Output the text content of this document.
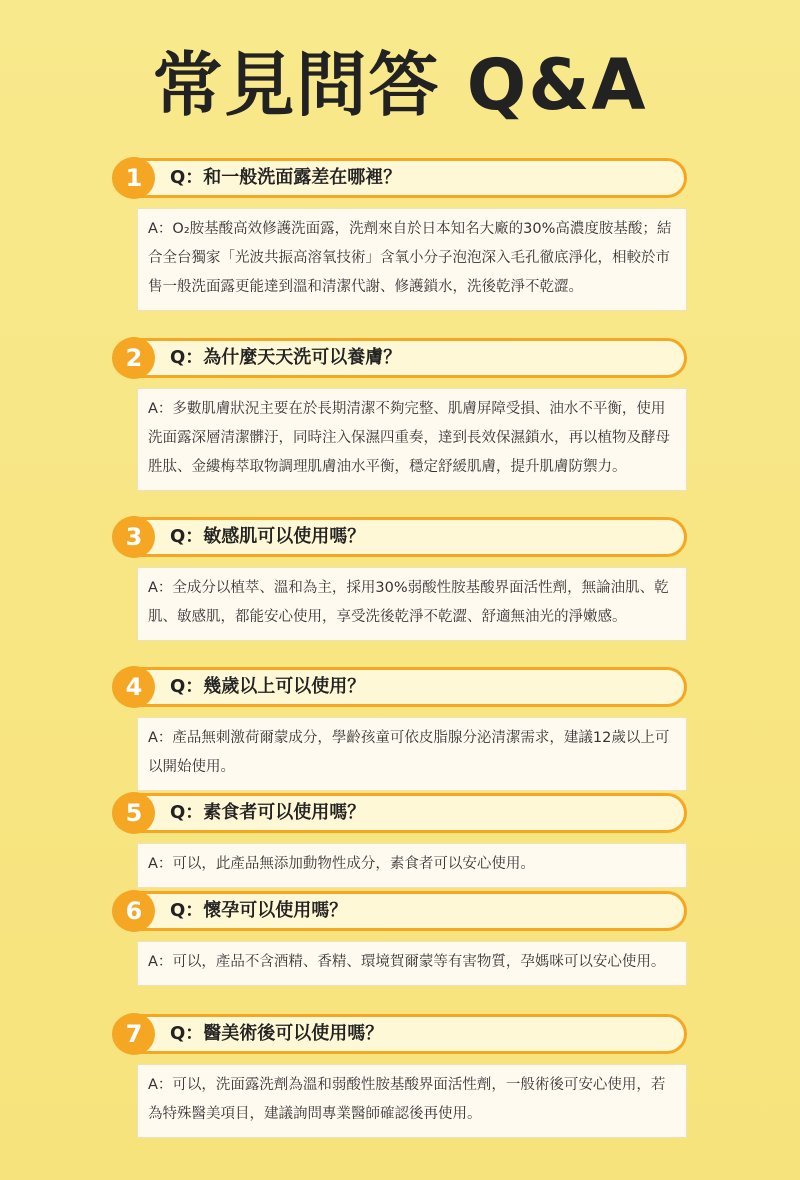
常見問答 Q&A
1	Q：和一般洗面露差在哪裡？
A：O₂胺基酸高效修護洗面露，洗劑來自於日本知名大廠的30%高濃度胺基酸；結合全台獨家「光波共振高溶氧技術」含氧小分子泡泡深入毛孔徹底淨化，相較於市售一般洗面露更能達到溫和清潔代謝、修護鎖水，洗後乾淨不乾澀。
2	Q：為什麼天天洗可以養膚？
A：多數肌膚狀況主要在於長期清潔不夠完整、肌膚屏障受損、油水不平衡，使用洗面露深層清潔髒汙，同時注入保濕四重奏，達到長效保濕鎖水，再以植物及酵母胜肽、金縷梅萃取物調理肌膚油水平衡，穩定舒緩肌膚，提升肌膚防禦力。
3	Q：敏感肌可以使用嗎？
A：全成分以植萃、溫和為主，採用30%弱酸性胺基酸界面活性劑，無論油肌、乾肌、敏感肌，都能安心使用，享受洗後乾淨不乾澀、舒適無油光的淨嫩感。
4	Q：幾歲以上可以使用？
A：產品無刺激荷爾蒙成分，學齡孩童可依皮脂腺分泌清潔需求，建議12歲以上可以開始使用。
5	Q：素食者可以使用嗎？
A：可以，此產品無添加動物性成分，素食者可以安心使用。
6	Q：懷孕可以使用嗎？
A：可以，產品不含酒精、香精、環境賀爾蒙等有害物質，孕媽咪可以安心使用。
7	Q：醫美術後可以使用嗎？
A：可以，洗面露洗劑為溫和弱酸性胺基酸界面活性劑，一般術後可安心使用，若為特殊醫美項目，建議詢問專業醫師確認後再使用。
